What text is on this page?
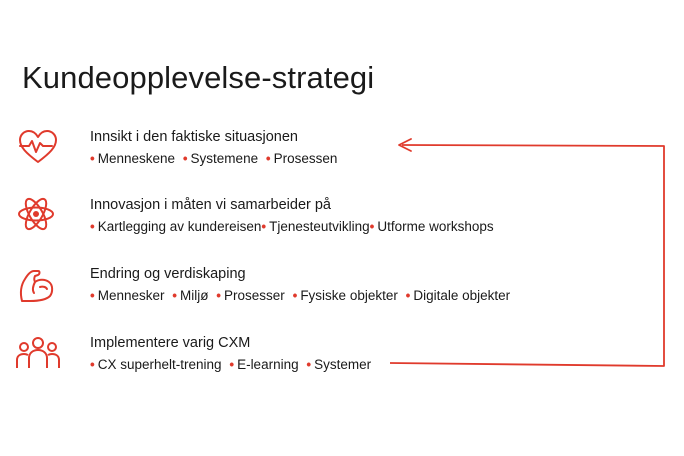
Kundeopplevelse-strategi
Innsikt i den faktiske situasjonen
• Menneskene • Systemene • Prosessen
Innovasjon i måten vi samarbeider på
• Kartlegging av kundereisen• Tjenesteutvikling• Utforme workshops
Endring og verdiskaping
• Mennesker • Miljø • Prosesser • Fysiske objekter • Digitale objekter
Implementere varig CXM
• CX superhelt-trening • E-learning • Systemer
